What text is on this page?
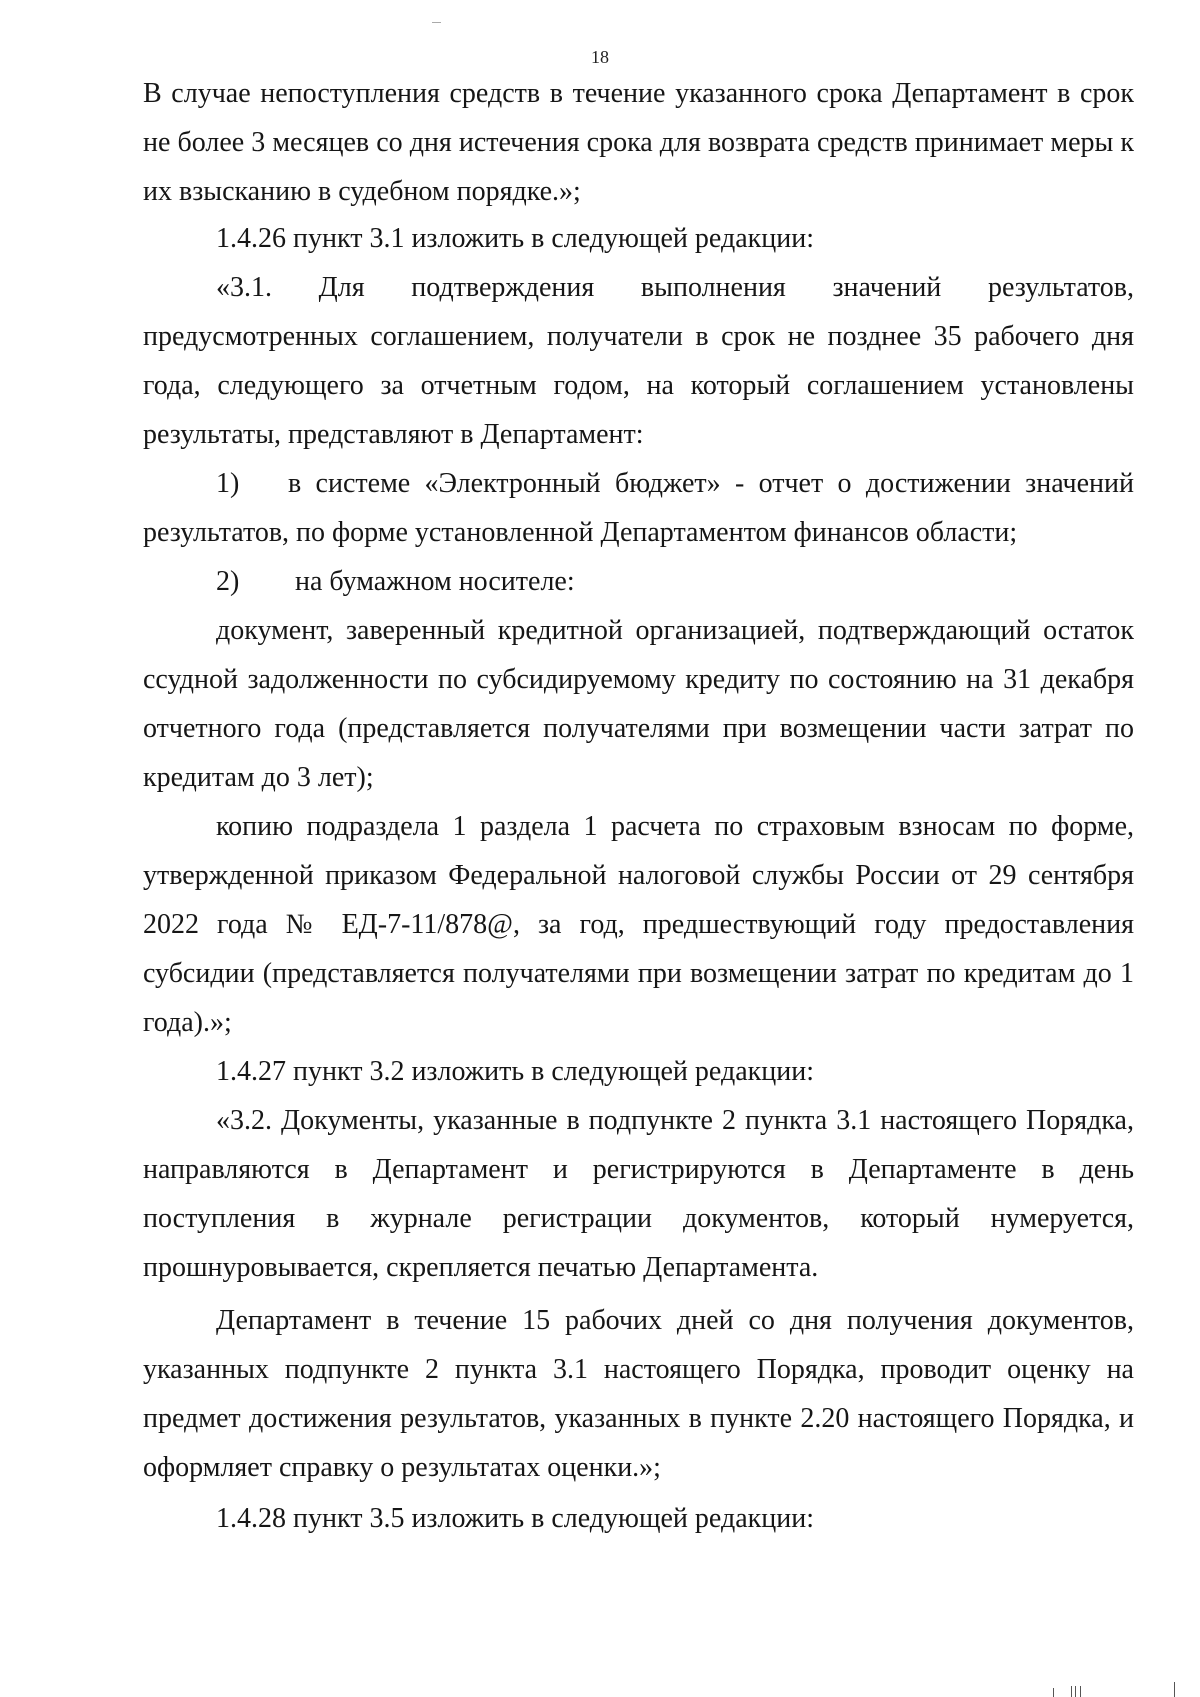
18

В случае непоступления средств в течение указанного срока Департамент в срок не более 3 месяцев со дня истечения срока для возврата средств принимает меры к их взысканию в судебном порядке.»;

1.4.26 пункт 3.1 изложить в следующей редакции:

«3.1. Для подтверждения выполнения значений результатов, предусмотренных соглашением, получатели в срок не позднее 35 рабочего дня года, следующего за отчетным годом, на который соглашением установлены результаты, представляют в Департамент:

1) в системе «Электронный бюджет» - отчет о достижении значений результатов, по форме установленной Департаментом финансов области;

2) на бумажном носителе:

документ, заверенный кредитной организацией, подтверждающий остаток ссудной задолженности по субсидируемому кредиту по состоянию на 31 декабря отчетного года (представляется получателями при возмещении части затрат по кредитам до 3 лет);

копию подраздела 1 раздела 1 расчета по страховым взносам по форме, утвержденной приказом Федеральной налоговой службы России от 29 сентября 2022 года № ЕД-7-11/878@, за год, предшествующий году предоставления субсидии (представляется получателями при возмещении затрат по кредитам до 1 года).»;

1.4.27 пункт 3.2 изложить в следующей редакции:

«3.2. Документы, указанные в подпункте 2 пункта 3.1 настоящего Порядка, направляются в Департамент и регистрируются в Департаменте в день поступления в журнале регистрации документов, который нумеруется, прошнуровывается, скрепляется печатью Департамента.

Департамент в течение 15 рабочих дней со дня получения документов, указанных подпункте 2 пункта 3.1 настоящего Порядка, проводит оценку на предмет достижения результатов, указанных в пункте 2.20 настоящего Порядка, и оформляет справку о результатах оценки.»;

1.4.28 пункт 3.5 изложить в следующей редакции:
